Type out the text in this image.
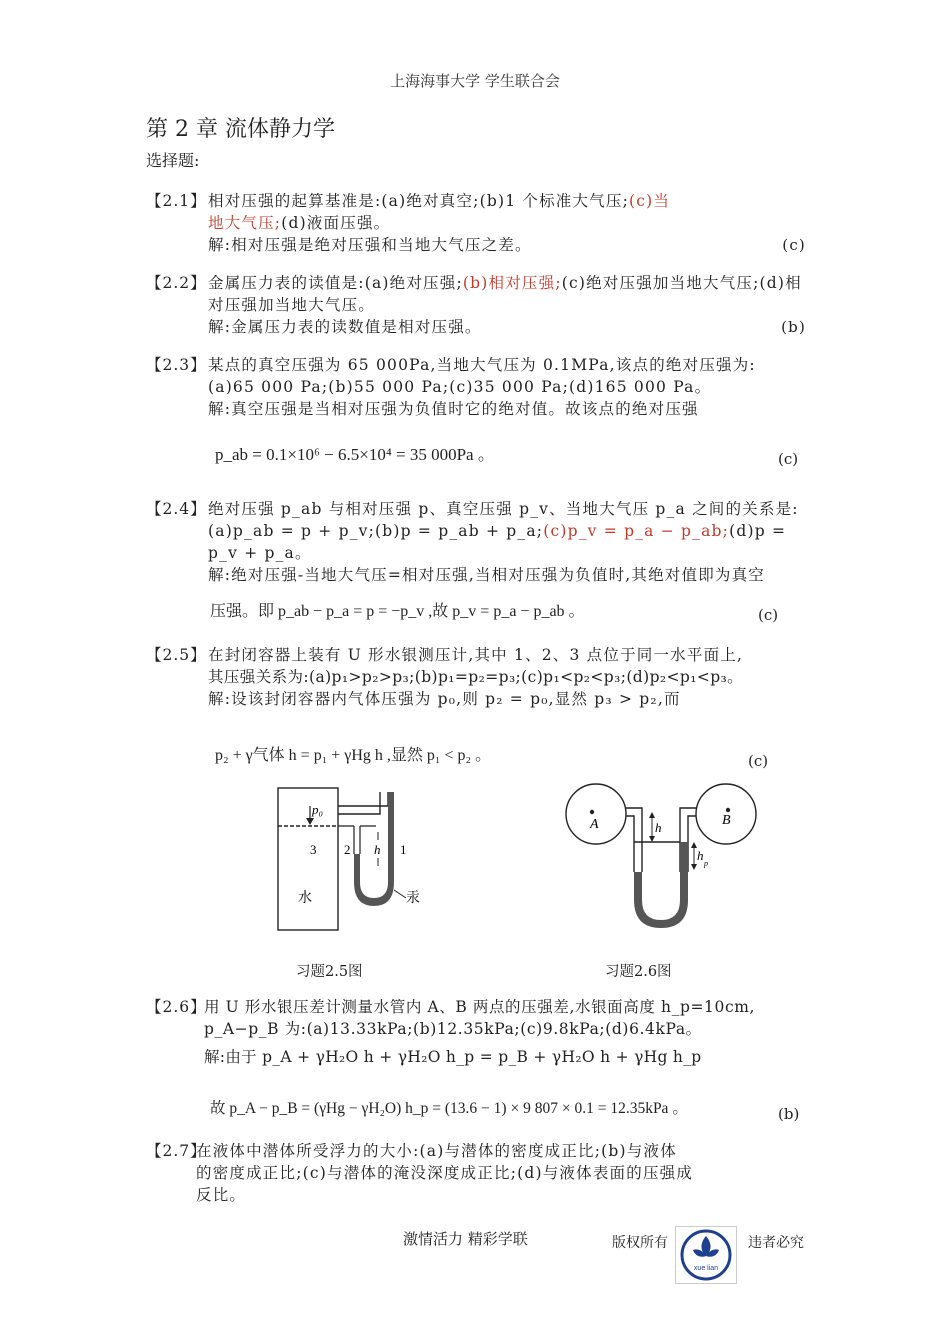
上海海事大学 学生联合会
第 2 章 流体静力学
选择题:
【2.1】 相对压强的起算基准是:(a)绝对真空;(b)1 个标准大气压;(c)当
地大气压;(d)液面压强。
解:相对压强是绝对压强和当地大气压之差。	(c)
【2.2】 金属压力表的读值是:(a)绝对压强;(b)相对压强;(c)绝对压强加当地大气压;(d)相对压强加当地大气压。
解:金属压力表的读数值是相对压强。	(b)
【2.3】 某点的真空压强为 65 000Pa,当地大气压为 0.1MPa,该点的绝对压强为:
(a)65 000 Pa;(b)55 000 Pa;(c)35 000 Pa;(d)165 000 Pa。
解:真空压强是当相对压强为负值时它的绝对值。故该点的绝对压强
p_ab = 0.1×10⁶ − 6.5×10⁴ = 35 000Pa 。	(c)
【2.4】 绝对压强 p_ab 与相对压强 p、真空压强 p_v、当地大气压 p_a 之间的关系是:
(a)p_ab = p + p_v;(b)p = p_ab + p_a;(c)p_v = p_a − p_ab;(d)p = p_v + p_a。
解:绝对压强-当地大气压=相对压强,当相对压强为负值时,其绝对值即为真空
压强。即 p_ab − p_a = p = −p_v ,故 p_v = p_a − p_ab 。	(c)
【2.5】 在封闭容器上装有 U 形水银测压计,其中 1、2、3 点位于同一水平面上,
其压强关系为:(a)p₁>p₂>p₃;(b)p₁=p₂=p₃;(c)p₁<p₂<p₃;(d)p₂<p₁<p₃。
解:设该封闭容器内气体压强为 p₀,则 p₂ = p₀,显然 p₃ > p₂,而
p₂ + γ气体 h = p₁ + γHg h ,显然 p₁ < p₂ 。	(c)
p₀
3 2 h 1
水	汞
习题2.5图
A	B
h
h
p
习题2.6图
【2.6】
用 U 形水银压差计测量水管内 A、B 两点的压强差,水银面高度 h_p=10cm,
p_A−p_B 为:(a)13.33kPa;(b)12.35kPa;(c)9.8kPa;(d)6.4kPa。
解:由于 p_A + γH₂O h + γH₂O h_p = p_B + γH₂O h + γHg h_p
故 p_A − p_B = (γHg − γH₂O) h_p = (13.6 − 1) × 9 807 × 0.1 = 12.35kPa 。	(b)
【2.7】
在液体中潜体所受浮力的大小:(a)与潜体的密度成正比;(b)与液体
的密度成正比;(c)与潜体的淹没深度成正比;(d)与液体表面的压强成
反比。
激情活力 精彩学联	版权所有
xue lian
违者必究
